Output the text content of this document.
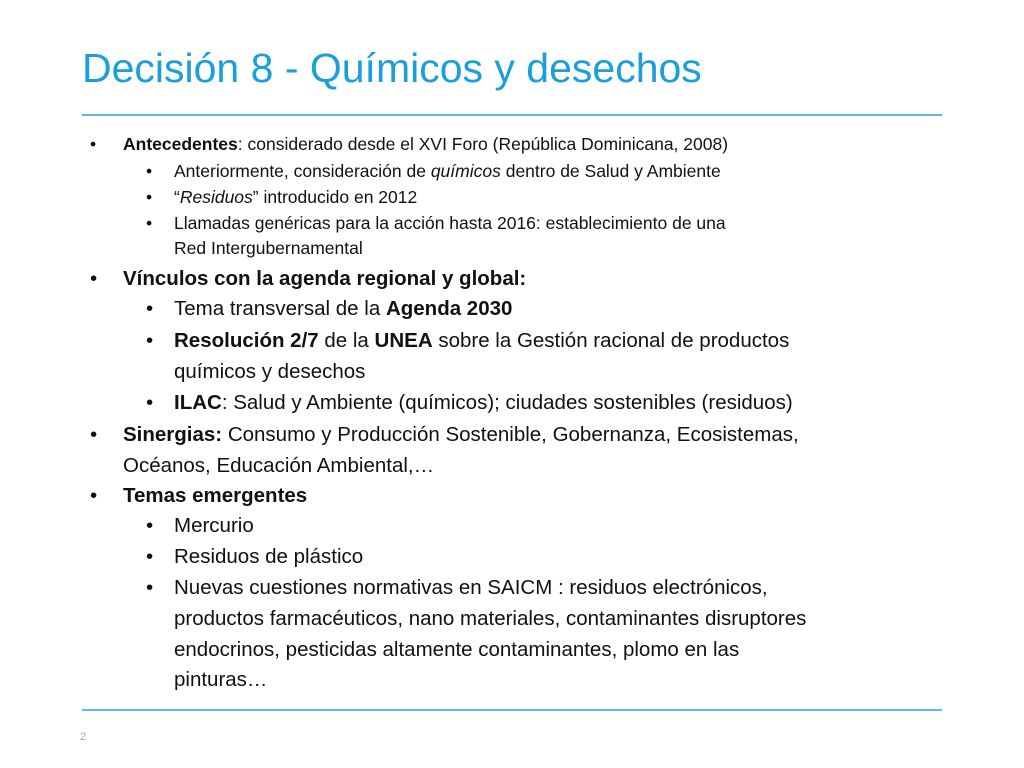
Decisión 8 - Químicos y desechos
• Antecedentes: considerado desde el XVI Foro (República Dominicana, 2008)
• Anteriormente, consideración de químicos dentro de Salud y Ambiente
• “Residuos” introducido en 2012
• Llamadas genéricas para la acción hasta 2016: establecimiento de una
Red Intergubernamental
• Vínculos con la agenda regional y global:
• Tema transversal de la Agenda 2030
• Resolución 2/7 de la UNEA sobre la Gestión racional de productos
químicos y desechos
• ILAC: Salud y Ambiente (químicos); ciudades sostenibles (residuos)
• Sinergias: Consumo y Producción Sostenible, Gobernanza, Ecosistemas,
Océanos, Educación Ambiental,…
• Temas emergentes
• Mercurio
• Residuos de plástico
• Nuevas cuestiones normativas en SAICM : residuos electrónicos,
productos farmacéuticos, nano materiales, contaminantes disruptores
endocrinos, pesticidas altamente contaminantes, plomo en las
pinturas…
2
